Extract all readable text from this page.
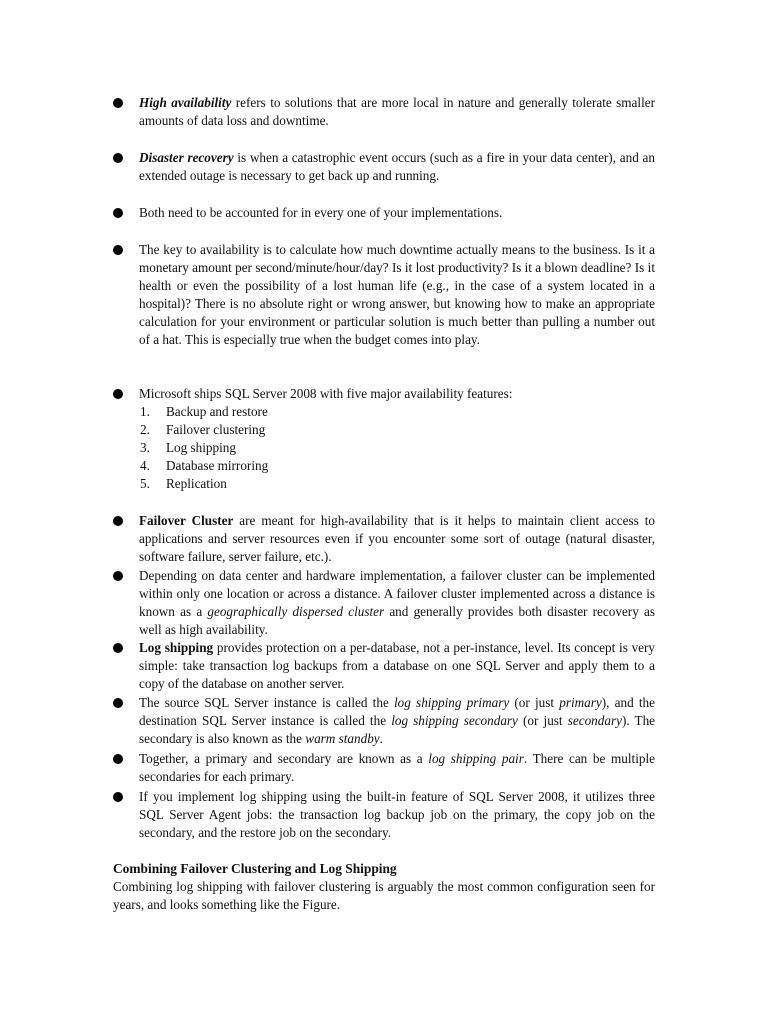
High availability refers to solutions that are more local in nature and generally tolerate smaller amounts of data loss and downtime.

Disaster recovery is when a catastrophic event occurs (such as a fire in your data center), and an extended outage is necessary to get back up and running.

Both need to be accounted for in every one of your implementations.

The key to availability is to calculate how much downtime actually means to the business. Is it a monetary amount per second/minute/hour/day? Is it lost productivity? Is it a blown deadline? Is it health or even the possibility of a lost human life (e.g., in the case of a system located in a hospital)? There is no absolute right or wrong answer, but knowing how to make an appropriate calculation for your environment or particular solution is much better than pulling a number out of a hat. This is especially true when the budget comes into play.

Microsoft ships SQL Server 2008 with five major availability features:

1. Backup and restore
2. Failover clustering
3. Log shipping
4. Database mirroring
5. Replication

Failover Cluster are meant for high-availability that is it helps to maintain client access to applications and server resources even if you encounter some sort of outage (natural disaster, software failure, server failure, etc.).

Depending on data center and hardware implementation, a failover cluster can be implemented within only one location or across a distance. A failover cluster implemented across a distance is known as a geographically dispersed cluster and generally provides both disaster recovery as well as high availability.

Log shipping provides protection on a per-database, not a per-instance, level. Its concept is very simple: take transaction log backups from a database on one SQL Server and apply them to a copy of the database on another server.

The source SQL Server instance is called the log shipping primary (or just primary), and the destination SQL Server instance is called the log shipping secondary (or just secondary). The secondary is also known as the warm standby.

Together, a primary and secondary are known as a log shipping pair. There can be multiple secondaries for each primary.

If you implement log shipping using the built-in feature of SQL Server 2008, it utilizes three SQL Server Agent jobs: the transaction log backup job on the primary, the copy job on the secondary, and the restore job on the secondary.

Combining Failover Clustering and Log Shipping
Combining log shipping with failover clustering is arguably the most common configuration seen for years, and looks something like the Figure.
